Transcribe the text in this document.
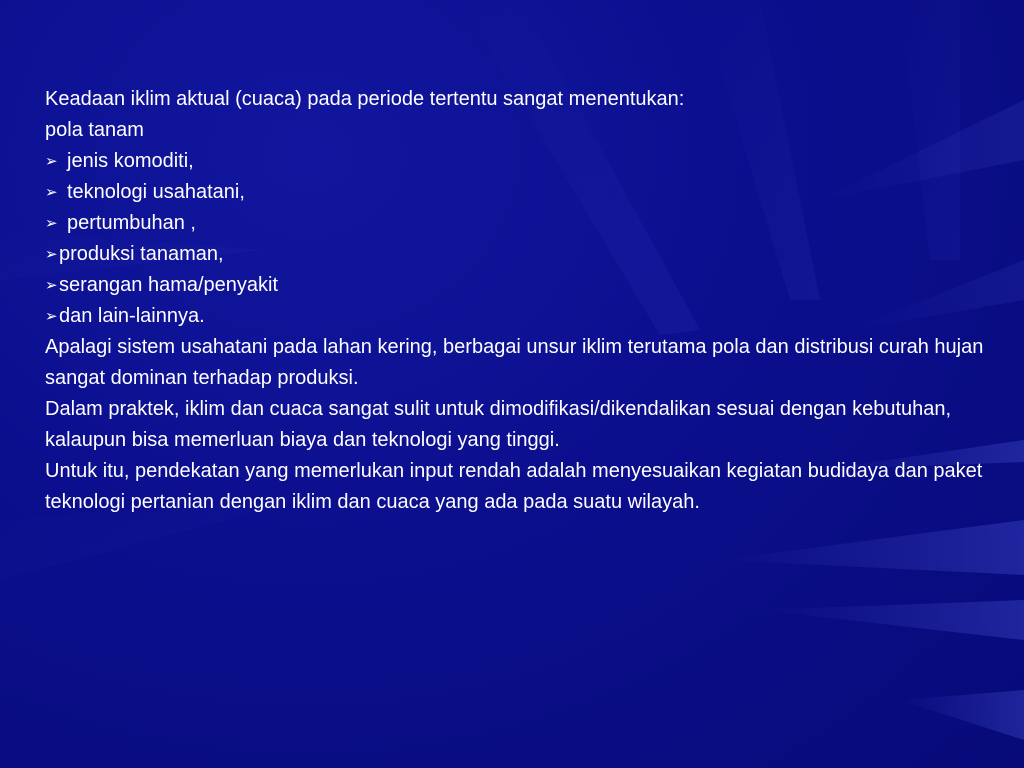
Keadaan iklim aktual (cuaca) pada periode tertentu sangat menentukan:
pola tanam
➢ jenis komoditi,
➢ teknologi usahatani,
➢ pertumbuhan ,
➢produksi tanaman,
➢serangan hama/penyakit
➢dan lain-lainnya.
Apalagi sistem usahatani pada lahan kering, berbagai unsur iklim terutama pola dan distribusi curah hujan sangat dominan terhadap produksi.
Dalam praktek, iklim dan cuaca sangat sulit untuk dimodifikasi/dikendalikan sesuai dengan kebutuhan, kalaupun bisa memerluan biaya dan teknologi yang tinggi.
Untuk itu, pendekatan yang memerlukan input rendah adalah menyesuaikan kegiatan budidaya dan paket teknologi pertanian dengan iklim dan cuaca yang ada pada suatu wilayah.
